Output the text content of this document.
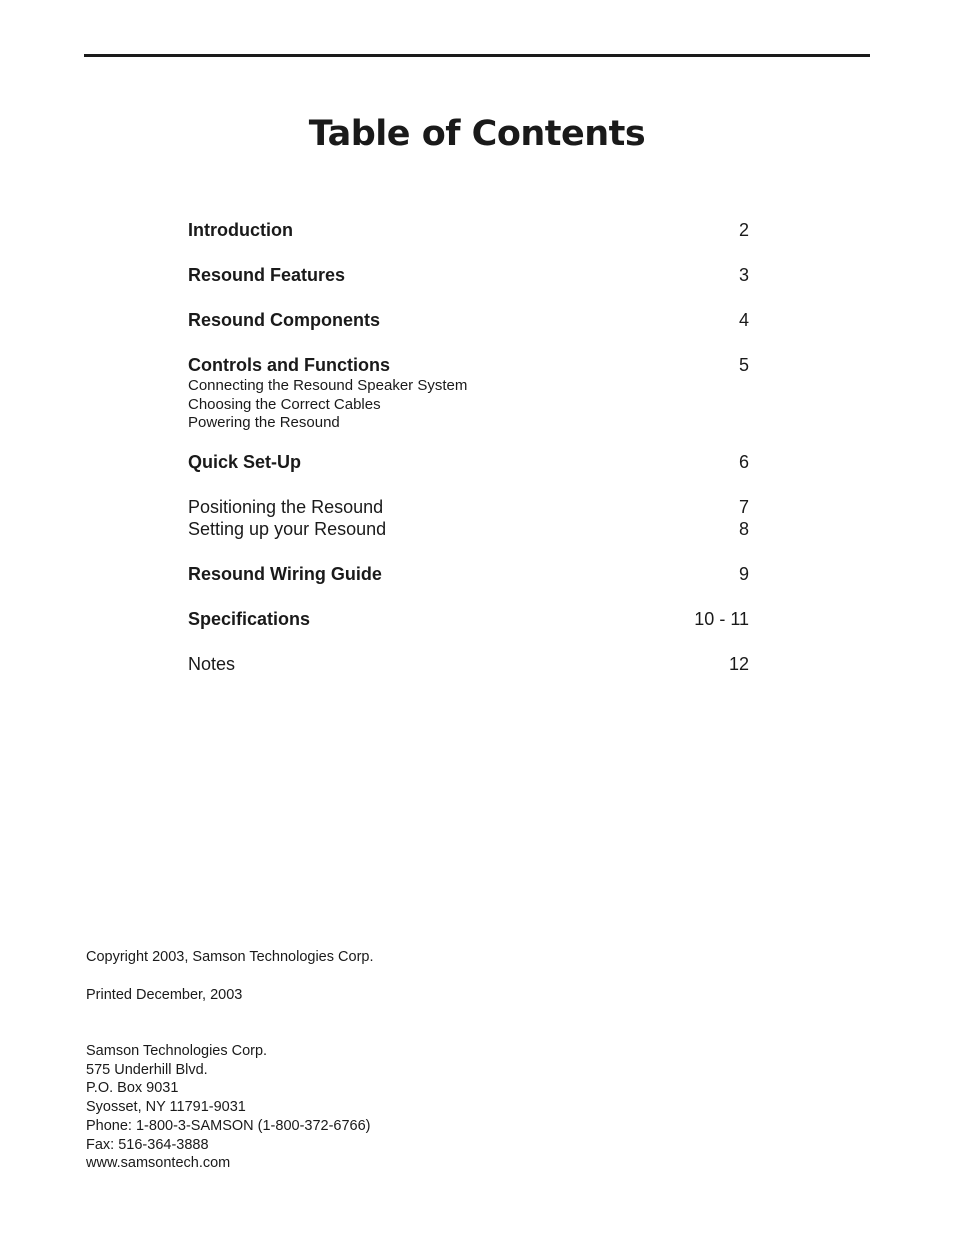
Table of Contents
Introduction	2
Resound Features	3
Resound Components	4
Controls and Functions	5
Connecting the Resound Speaker System
Choosing the Correct Cables
Powering the Resound
Quick Set-Up	6
Positioning the Resound	7
Setting up your Resound	8
Resound Wiring Guide	9
Specifications	10 - 11
Notes	12
Copyright 2003, Samson Technologies Corp.
Printed December, 2003
Samson Technologies Corp.
575 Underhill Blvd.
P.O. Box 9031
Syosset, NY 11791-9031
Phone: 1-800-3-SAMSON (1-800-372-6766)
Fax: 516-364-3888
www.samsontech.com
